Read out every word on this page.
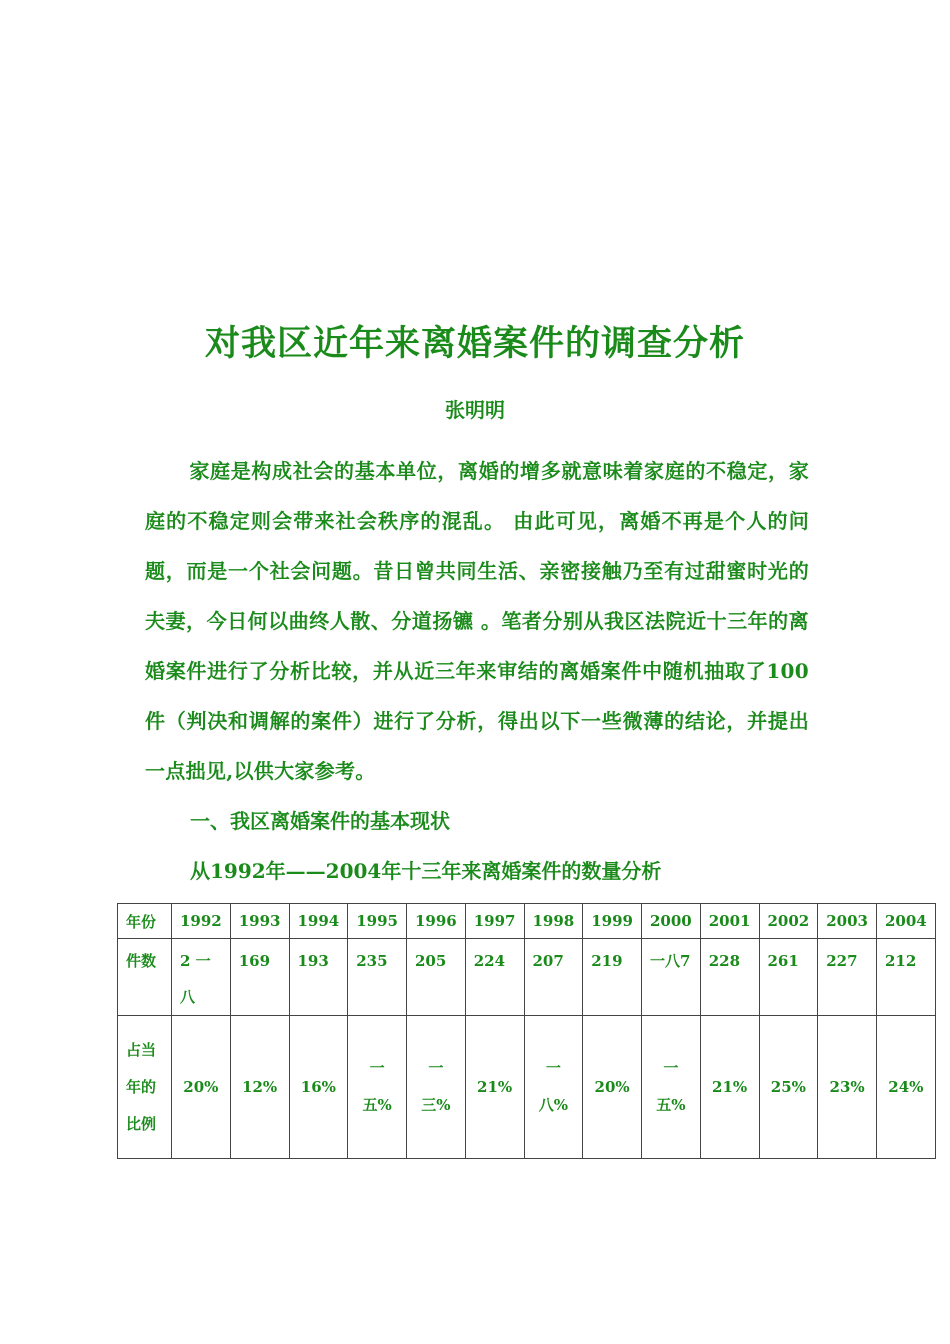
对我区近年来离婚案件的调查分析
张明明
家庭是构成社会的基本单位，离婚的增多就意味着家庭的不稳定，家庭的不稳定则会带来社会秩序的混乱。 由此可见，离婚不再是个人的问题，而是一个社会问题。昔日曾共同生活、亲密接触乃至有过甜蜜时光的夫妻，今日何以曲终人散、分道扬镳 。笔者分别从我区法院近十三年的离婚案件进行了分析比较，并从近三年来审结的离婚案件中随机抽取了100件（判决和调解的案件）进行了分析，得出以下一些微薄的结论，并提出一点拙见,以供大家参考。
一、我区离婚案件的基本现状
从1992年——2004年十三年来离婚案件的数量分析
年份	1992	1993	1994	1995	1996	1997	1998	1999	2000	2001	2002	2003	2004
件数	2 一八	169	193	235	205	224	207	219	一八7	228	261	227	212
占当年的比例	20%	12%	16%	一五%	一三%	21%	一八%	20%	一五%	21%	25%	23%	24%
